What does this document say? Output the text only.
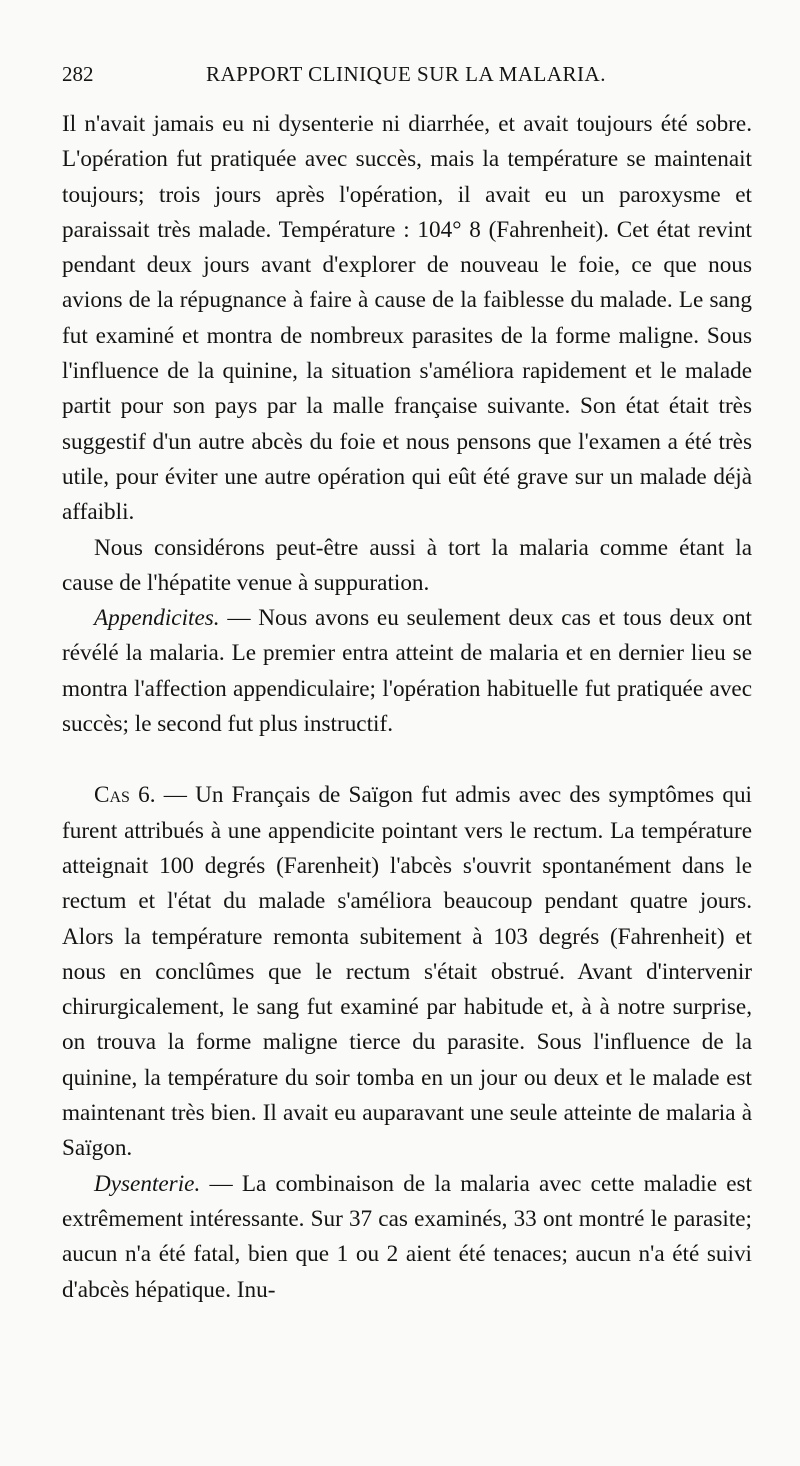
282	RAPPORT CLINIQUE SUR LA MALARIA.

Il n'avait jamais eu ni dysenterie ni diarrhée, et avait toujours été sobre. L'opération fut pratiquée avec succès, mais la température se maintenait toujours; trois jours après l'opération, il avait eu un paroxysme et paraissait très malade. Température : 104° 8 (Fahrenheit). Cet état revint pendant deux jours avant d'explorer de nouveau le foie, ce que nous avions de la répugnance à faire à cause de la faiblesse du malade. Le sang fut examiné et montra de nombreux parasites de la forme maligne. Sous l'influence de la quinine, la situation s'améliora rapidement et le malade partit pour son pays par la malle française suivante. Son état était très suggestif d'un autre abcès du foie et nous pensons que l'examen a été très utile, pour éviter une autre opération qui eût été grave sur un malade déjà affaibli.

Nous considérons peut-être aussi à tort la malaria comme étant la cause de l'hépatite venue à suppuration.

Appendicites. — Nous avons eu seulement deux cas et tous deux ont révélé la malaria. Le premier entra atteint de malaria et en dernier lieu se montra l'affection appendiculaire; l'opération habituelle fut pratiquée avec succès; le second fut plus instructif.

Cas 6. — Un Français de Saïgon fut admis avec des symptômes qui furent attribués à une appendicite pointant vers le rectum. La température atteignait 100 degrés (Farenheit) l'abcès s'ouvrit spontanément dans le rectum et l'état du malade s'améliora beaucoup pendant quatre jours. Alors la température remonta subitement à 103 degrés (Fahrenheit) et nous en conclûmes que le rectum s'était obstrué. Avant d'intervenir chirurgicalement, le sang fut examiné par habitude et, à à notre surprise, on trouva la forme maligne tierce du parasite. Sous l'influence de la quinine, la température du soir tomba en un jour ou deux et le malade est maintenant très bien. Il avait eu auparavant une seule atteinte de malaria à Saïgon.

Dysenterie. — La combinaison de la malaria avec cette maladie est extrêmement intéressante. Sur 37 cas examinés, 33 ont montré le parasite; aucun n'a été fatal, bien que 1 ou 2 aient été tenaces; aucun n'a été suivi d'abcès hépatique. Inu-
